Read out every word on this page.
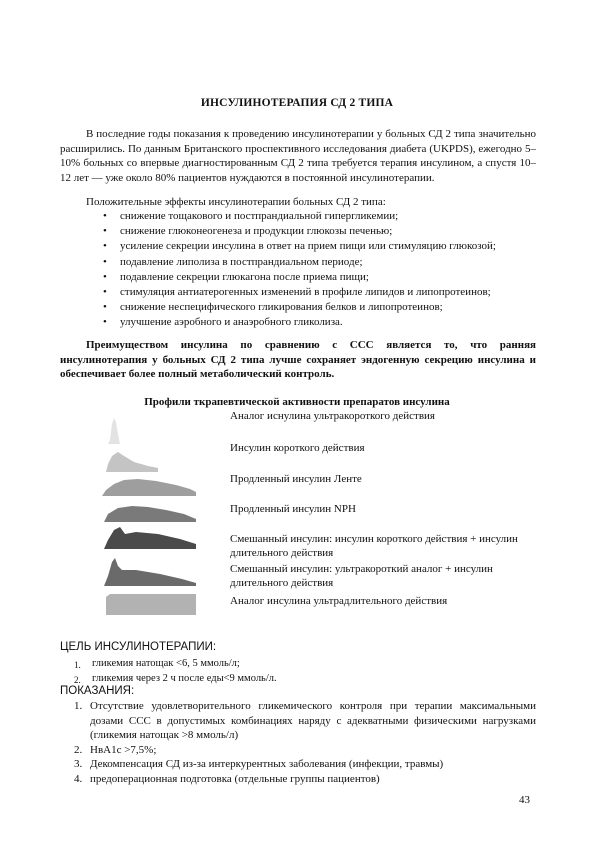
ИНСУЛИНОТЕРАПИЯ СД 2 ТИПА

В последние годы показания к проведению инсулинотерапии у больных СД 2 типа значительно расширились. По данным Британского проспективного исследования диабета (UKPDS), ежегодно 5–10% больных со впервые диагностированным СД 2 типа требуется терапия инсулином, а спустя 10–12 лет — уже около 80% пациентов нуждаются в постоянной инсулинотерапии.

Положительные эффекты инсулинотерапии больных СД 2 типа:

• снижение тощакового и постпрандиальной гипергликемии;
• снижение глюконеогенеза и продукции глюкозы печенью;
• усиление секреции инсулина в ответ на прием пищи или стимуляцию глюкозой;
• подавление липолиза в постпрандиальном периоде;
• подавление секреции глюкагона после приема пищи;
• стимуляция антиатерогенных изменений в профиле липидов и липопротеинов;
• снижение неспецифического гликирования белков и липопротеинов;
• улучшение аэробного и анаэробного гликолиза.

Преимуществом инсулина по сравнению с ССС является то, что ранняя инсулинотерапия у больных СД 2 типа лучше сохраняет эндогенную секрецию инсулина и обеспечивает более полный метаболический контроль.

Профили ткрапевтической активности препаратов инсулина
Аналог иснулина ультракороткого действия
Инсулин короткого действия
Продленный инсулин Ленте
Продленный инсулин NPH
Смешанный инсулин: инсулин короткого действия + инсулин длительного действия
Смешанный инсулин: ультракороткий аналог + инсулин длительного действия
Аналог инсулина ультрадлительного действия
ЦЕЛЬ ИНСУЛИНОТЕРАПИИ:
1. гликемия натощак <6, 5 ммоль/л;
2. гликемия через 2 ч после еды<9 ммоль/л.
ПОКАЗАНИЯ:
1. Отсутствие удовлетворительного гликемического контроля при терапии максимальными дозами ССС в допустимых комбинациях наряду с адекватными физическими нагрузками (гликемия натощак >8 ммоль/л)
2. HвA1c >7,5%;
3. Декомпенсация СД из-за интеркурентных заболевания (инфекции, травмы)
4. предоперационная подготовка (отдельные группы пациентов)
43
